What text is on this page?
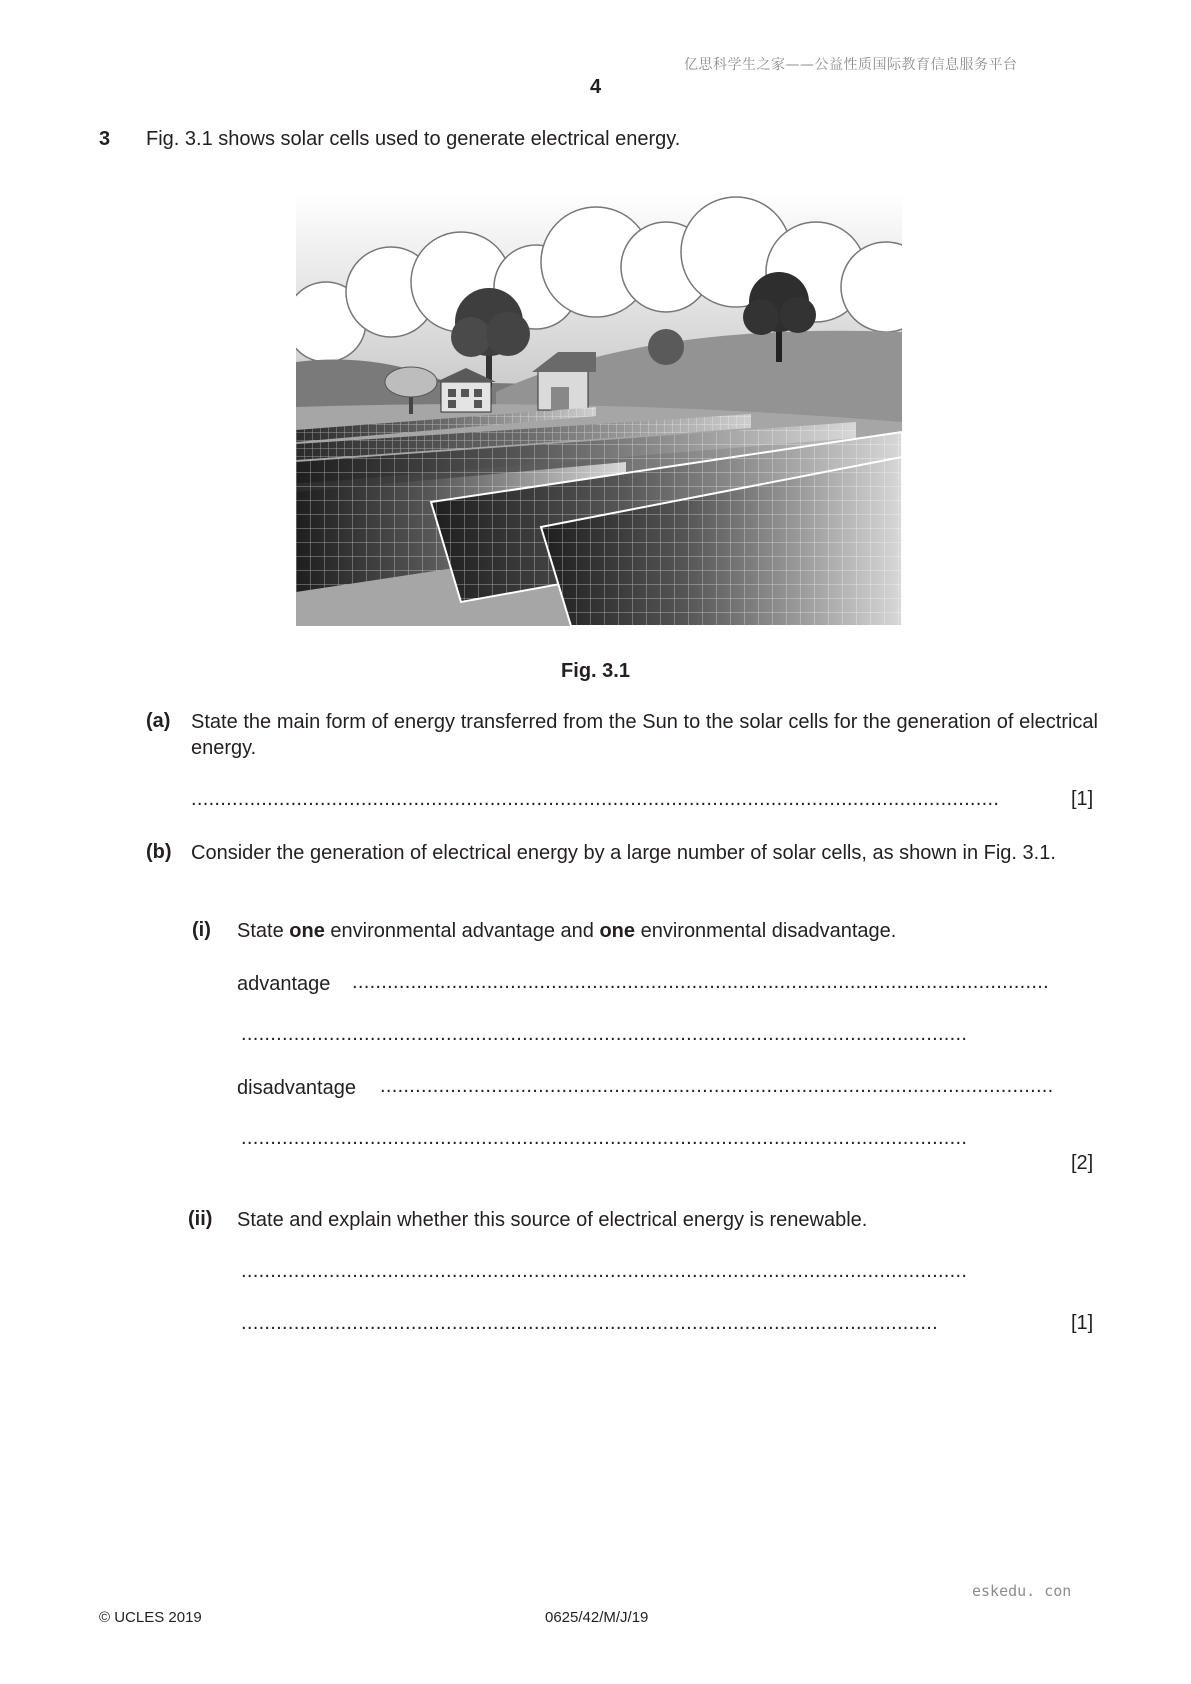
亿思科学生之家——公益性质国际教育信息服务平台
4
3 Fig. 3.1 shows solar cells used to generate electrical energy.
Fig. 3.1
(a) State the main form of energy transferred from the Sun to the solar cells for the generation of electrical energy.
..........................................................................................................................................	[1]
(b) Consider the generation of electrical energy by a large number of solar cells, as shown in Fig. 3.1.
(i) State one environmental advantage and one environmental disadvantage.
advantage .......................................................................................................................
............................................................................................................................
disadvantage ...................................................................................................................
............................................................................................................................
[2]
(ii) State and explain whether this source of electrical energy is renewable.
............................................................................................................................
.......................................................................................................................	[1]
eskedu. con
© UCLES 2019	0625/42/M/J/19
